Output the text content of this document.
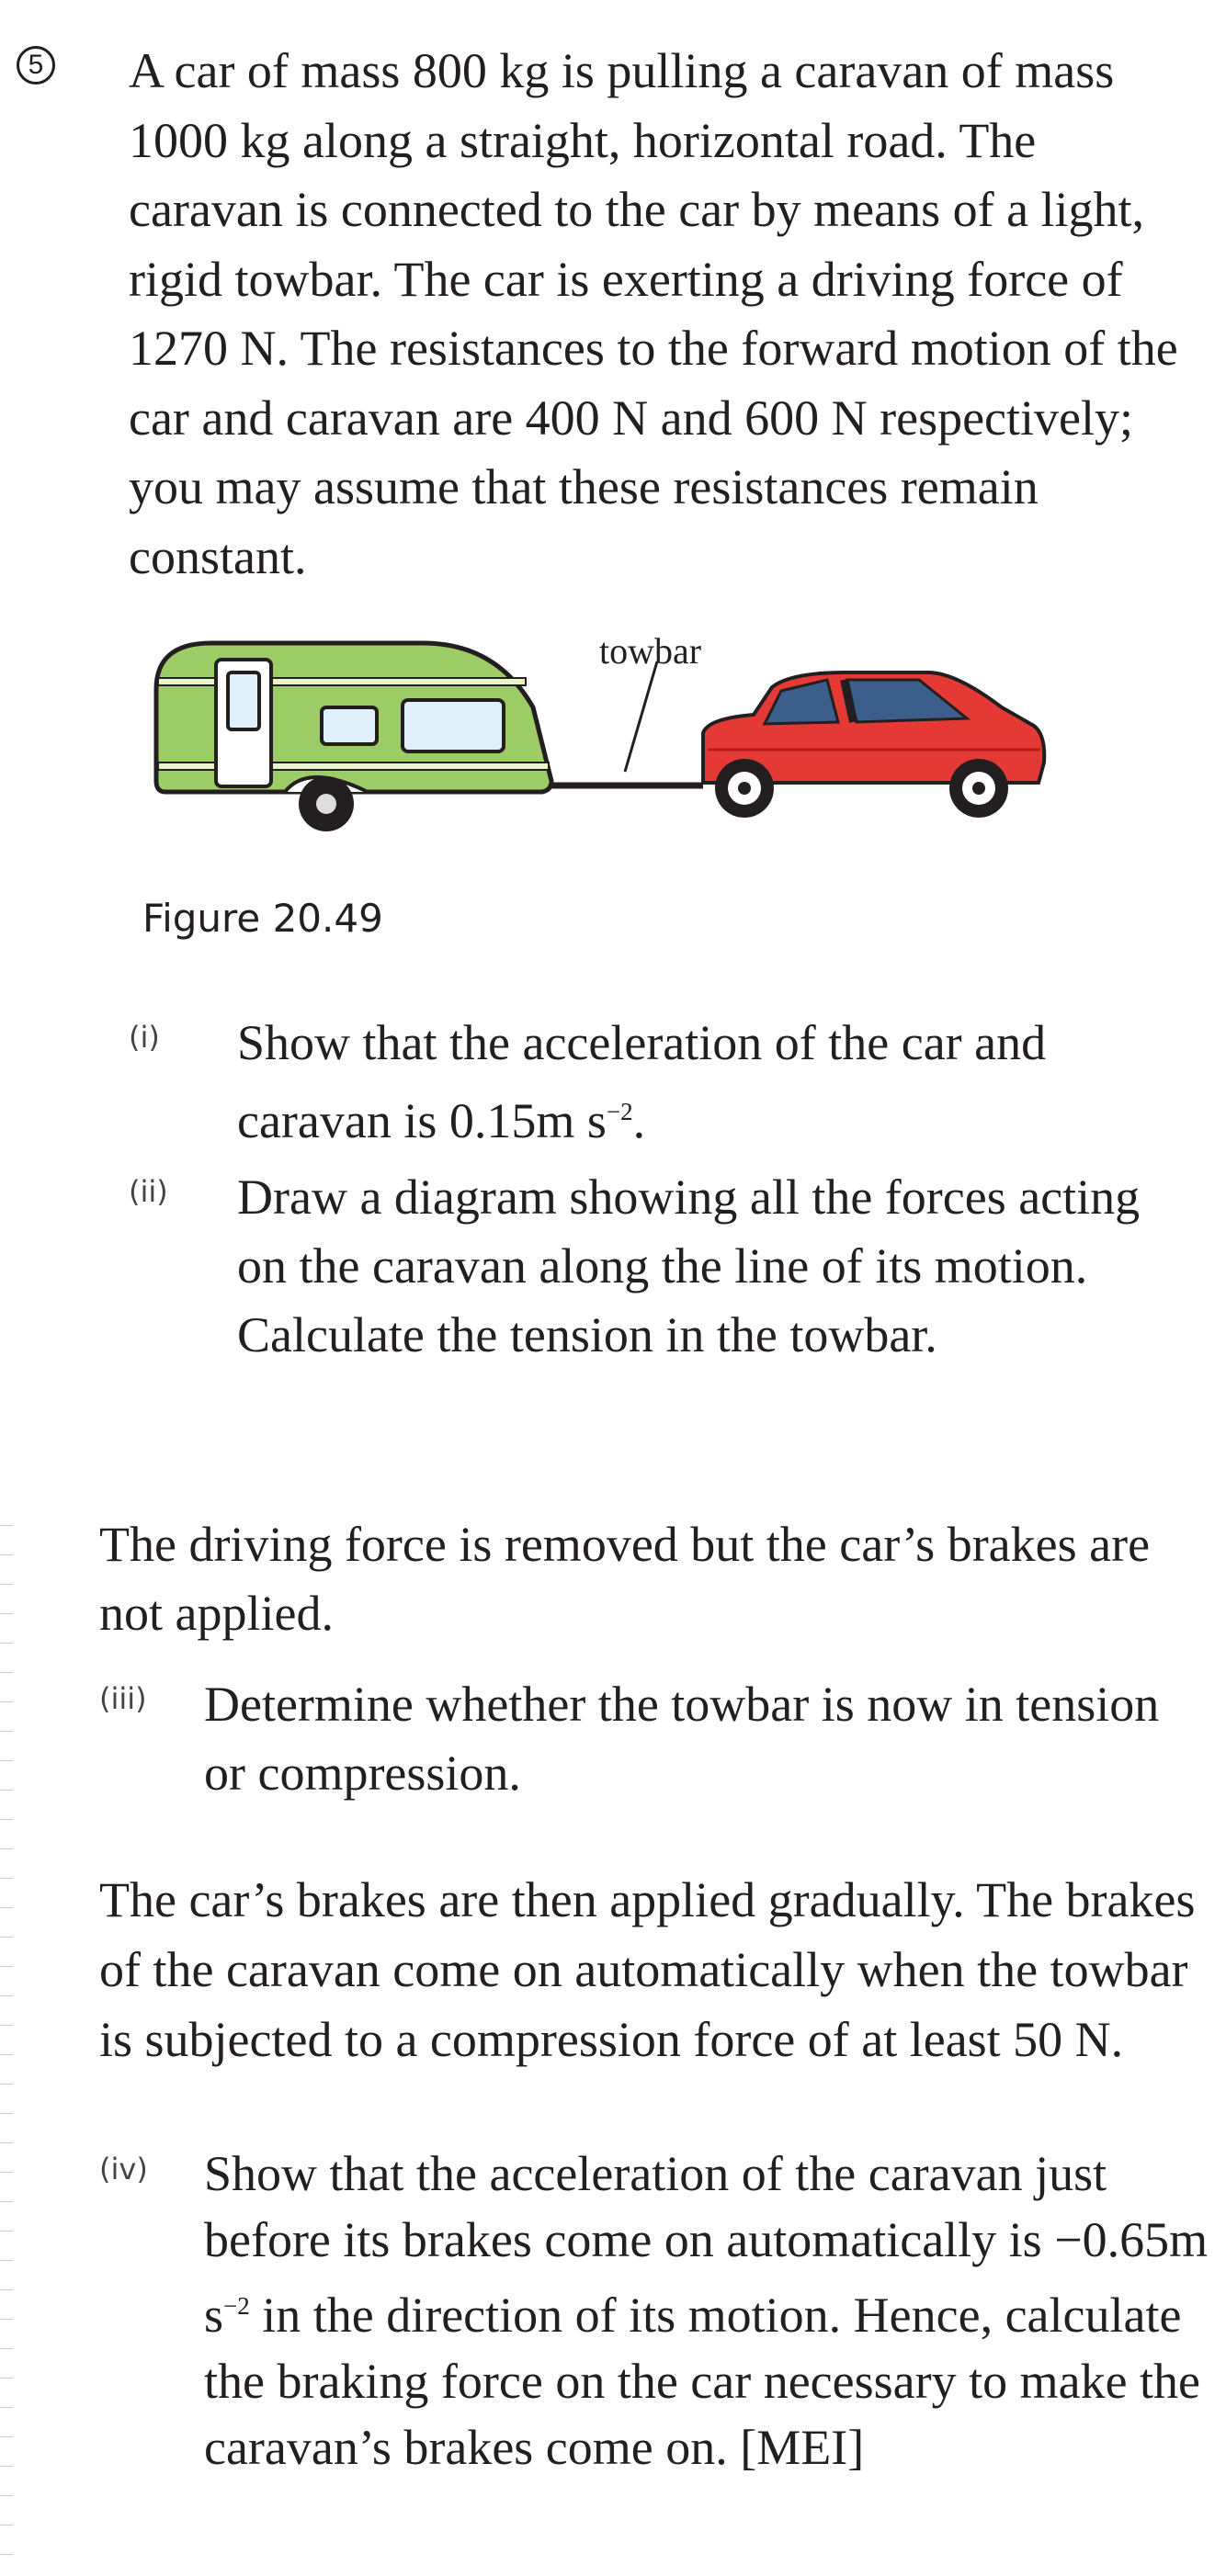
5 A car of mass 800 kg is pulling a caravan of mass 1000 kg along a straight, horizontal road. The caravan is connected to the car by means of a light, rigid towbar. The car is exerting a driving force of 1270 N. The resistances to the forward motion of the car and caravan are 400 N and 600 N respectively; you may assume that these resistances remain constant.

towbar
Figure 20.49
(i) Show that the acceleration of the car and caravan is 0.15m $s^{-2}$.

(ii) Draw a diagram showing all the forces acting on the caravan along the line of its motion. Calculate the tension in the towbar.

The driving force is removed but the car’s brakes are not applied.

(iii) Determine whether the towbar is now in tension or compression.

The car’s brakes are then applied gradually. The brakes of the caravan come on automatically when the towbar is subjected to a compression force of at least 50 N.

(iv) Show that the acceleration of the caravan just before its brakes come on automatically is −0.65m $s^{-2}$ in the direction of its motion. Hence, calculate the braking force on the car necessary to make the caravan’s brakes come on. [MEI]
